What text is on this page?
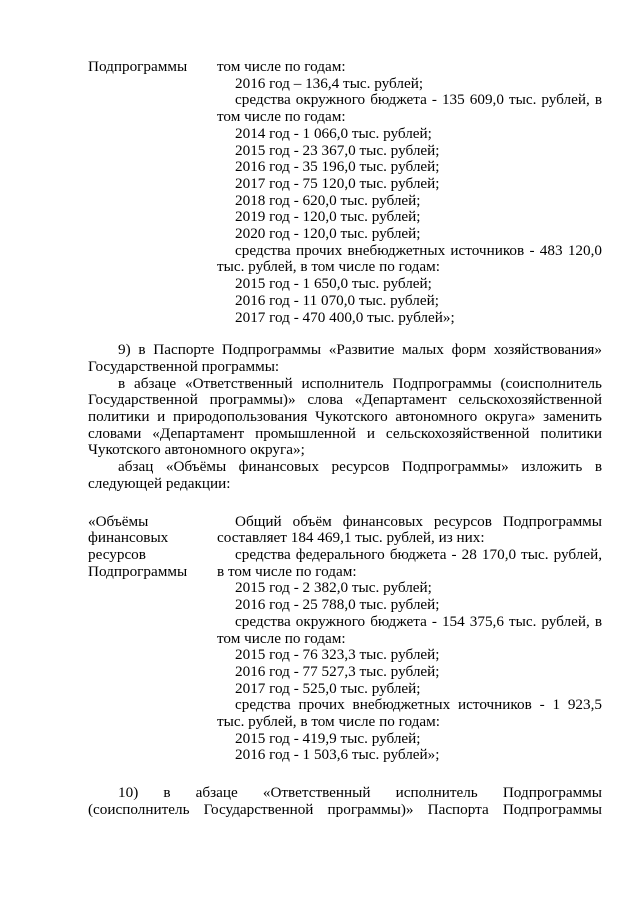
Подпрограммы	том числе по годам:
2016 год – 136,4 тыс. рублей;
средства окружного бюджета - 135 609,0 тыс. рублей, в
том числе по годам:
2014 год - 1 066,0 тыс. рублей;
2015 год - 23 367,0 тыс. рублей;
2016 год - 35 196,0 тыс. рублей;
2017 год - 75 120,0 тыс. рублей;
2018 год - 620,0 тыс. рублей;
2019 год - 120,0 тыс. рублей;
2020 год - 120,0 тыс. рублей;
средства прочих внебюджетных источников - 483 120,0
тыс. рублей, в том числе по годам:
2015 год - 1 650,0 тыс. рублей;
2016 год - 11 070,0 тыс. рублей;
2017 год - 470 400,0 тыс. рублей»;
9) в Паспорте Подпрограммы «Развитие малых форм хозяйствования»
Государственной программы:
в абзаце «Ответственный исполнитель Подпрограммы (соисполнитель
Государственной программы)» слова «Департамент сельскохозяйственной
политики и природопользования Чукотского автономного округа» заменить
словами «Департамент промышленной и сельскохозяйственной политики
Чукотского автономного округа»;
абзац «Объёмы финансовых ресурсов Подпрограммы» изложить в
следующей редакции:
«Объёмы
финансовых
ресурсов
Подпрограммы
Общий объём финансовых ресурсов Подпрограммы
составляет 184 469,1 тыс. рублей, из них:
средства федерального бюджета - 28 170,0 тыс. рублей,
в том числе по годам:
2015 год - 2 382,0 тыс. рублей;
2016 год - 25 788,0 тыс. рублей;
средства окружного бюджета - 154 375,6 тыс. рублей, в
том числе по годам:
2015 год - 76 323,3 тыс. рублей;
2016 год - 77 527,3 тыс. рублей;
2017 год - 525,0 тыс. рублей;
средства прочих внебюджетных источников - 1 923,5
тыс. рублей, в том числе по годам:
2015 год - 419,9 тыс. рублей;
2016 год - 1 503,6 тыс. рублей»;
10) в абзаце «Ответственный исполнитель Подпрограммы
(соисполнитель Государственной программы)» Паспорта Подпрограммы
